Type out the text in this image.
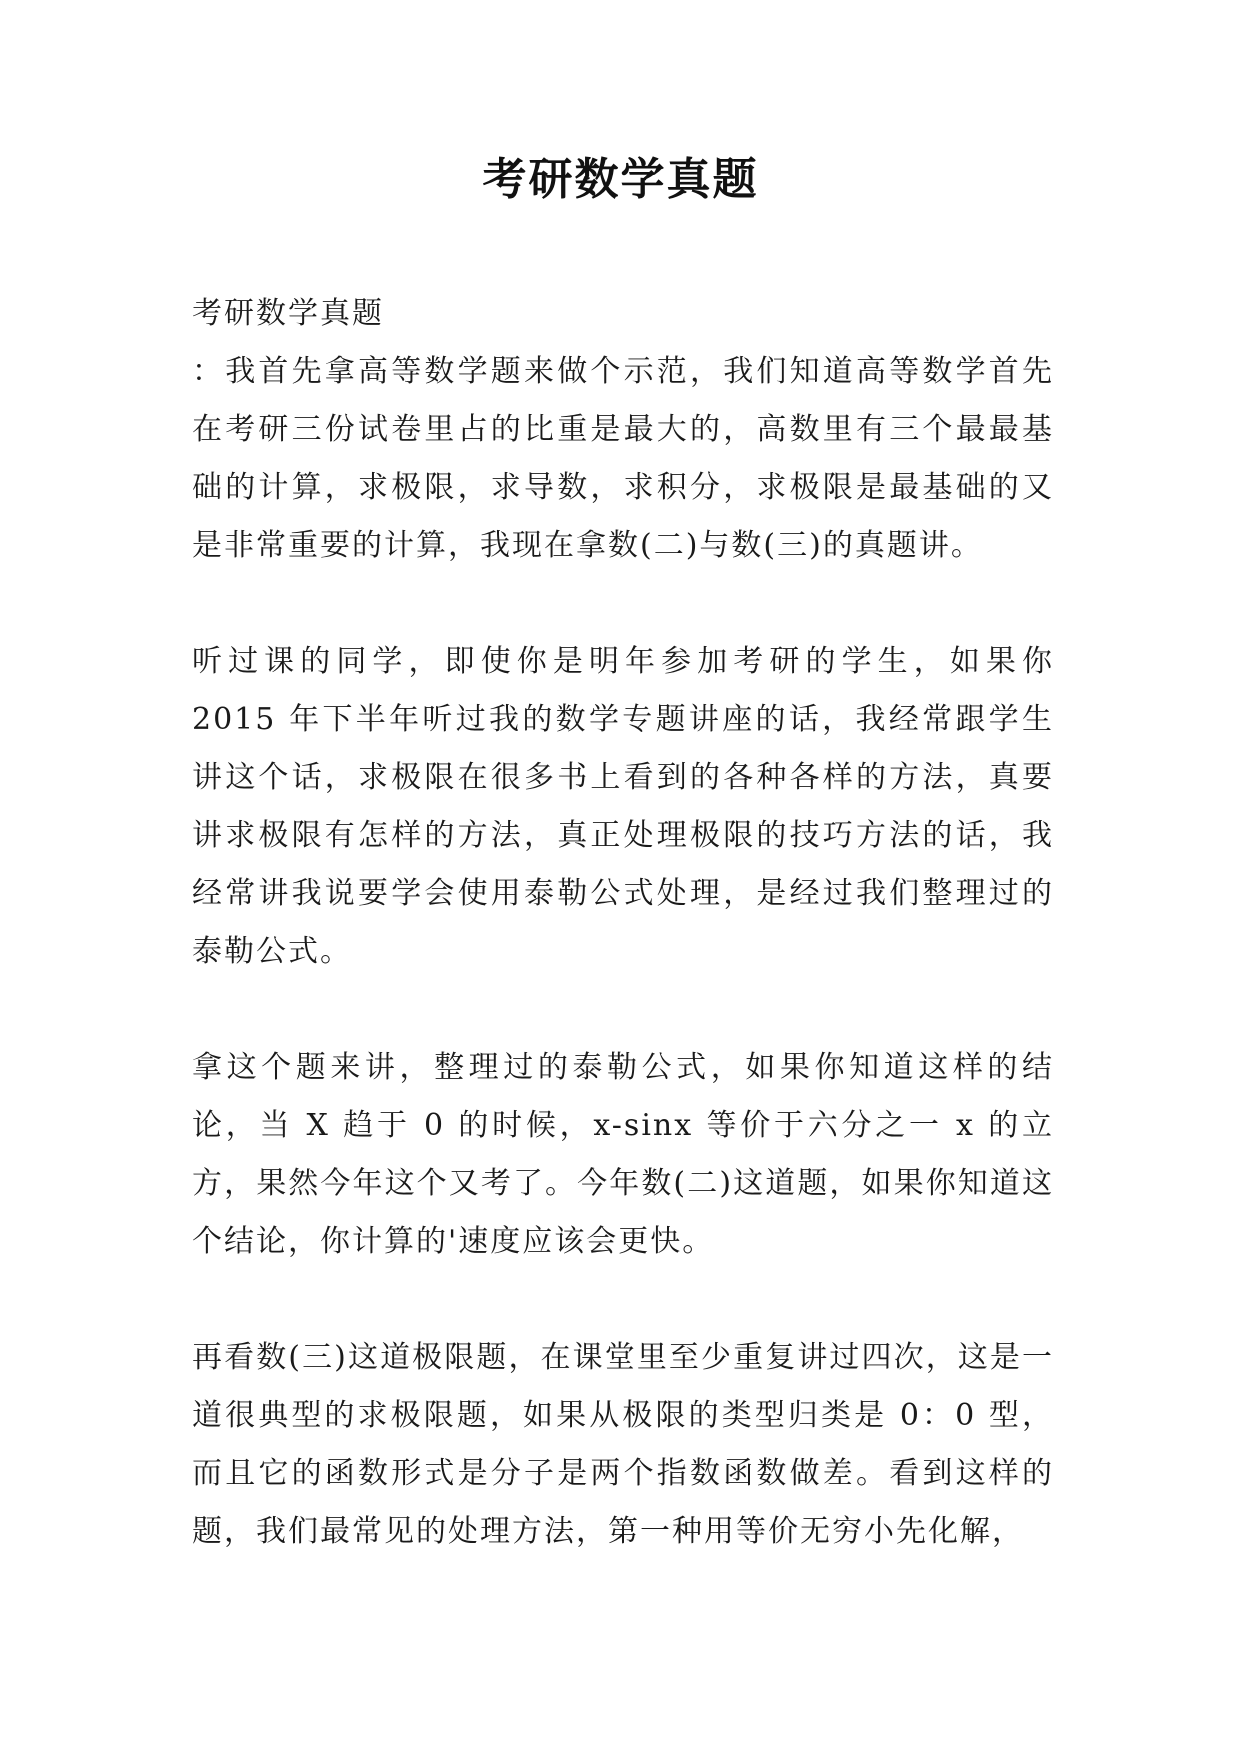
考研数学真题

考研数学真题

：我首先拿高等数学题来做个示范，我们知道高等数学首先在考研三份试卷里占的比重是最大的，高数里有三个最最基础的计算，求极限，求导数，求积分，求极限是最基础的又是非常重要的计算，我现在拿数(二)与数(三)的真题讲。

听过课的同学，即使你是明年参加考研的学生，如果你 2015 年下半年听过我的数学专题讲座的话，我经常跟学生讲这个话，求极限在很多书上看到的各种各样的方法，真要讲求极限有怎样的方法，真正处理极限的技巧方法的话，我经常讲我说要学会使用泰勒公式处理，是经过我们整理过的泰勒公式。

拿这个题来讲，整理过的泰勒公式，如果你知道这样的结论，当 X 趋于 0 的时候，x-sinx 等价于六分之一 x 的立方，果然今年这个又考了。今年数(二)这道题，如果你知道这个结论，你计算的'速度应该会更快。

再看数(三)这道极限题，在课堂里至少重复讲过四次，这是一道很典型的求极限题，如果从极限的类型归类是 0：0 型，而且它的函数形式是分子是两个指数函数做差。看到这样的题，我们最常见的处理方法，第一种用等价无穷小先化解，
